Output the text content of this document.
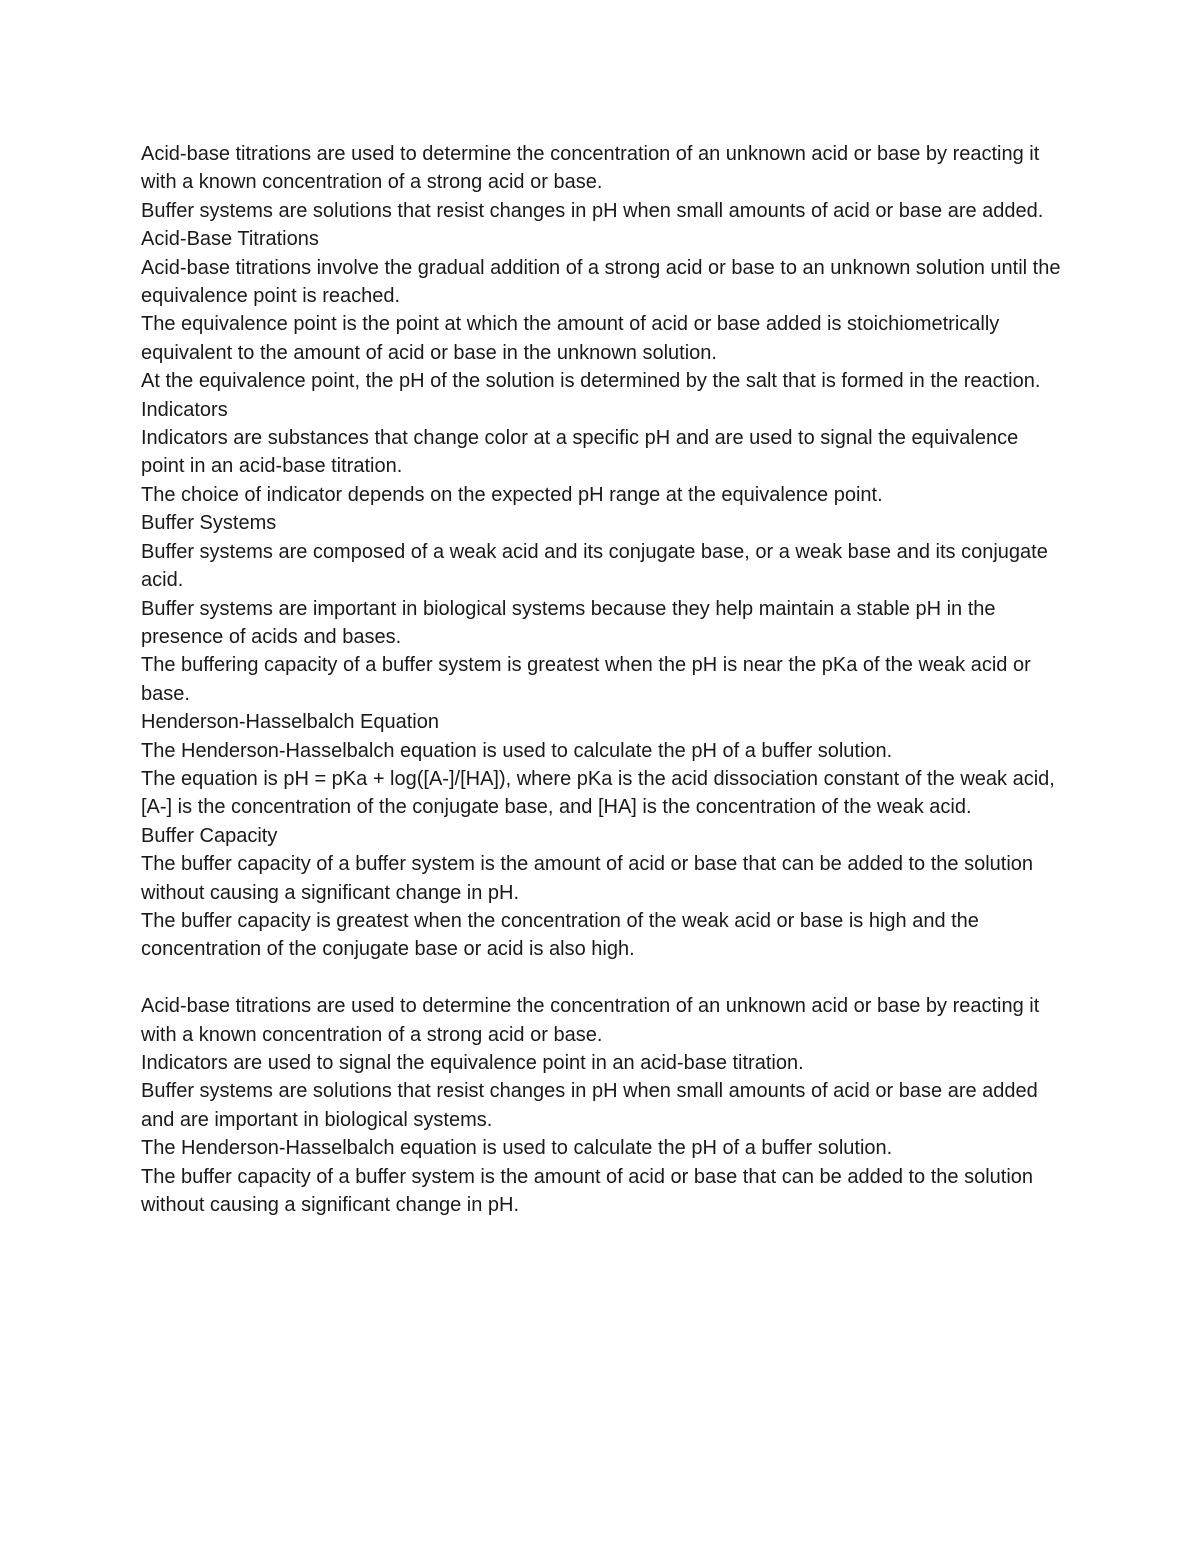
Acid-base titrations are used to determine the concentration of an unknown acid or base by reacting it with a known concentration of a strong acid or base.

Buffer systems are solutions that resist changes in pH when small amounts of acid or base are added.

Acid-Base Titrations

Acid-base titrations involve the gradual addition of a strong acid or base to an unknown solution until the equivalence point is reached.

The equivalence point is the point at which the amount of acid or base added is stoichiometrically equivalent to the amount of acid or base in the unknown solution.

At the equivalence point, the pH of the solution is determined by the salt that is formed in the reaction.

Indicators

Indicators are substances that change color at a specific pH and are used to signal the equivalence point in an acid-base titration.

The choice of indicator depends on the expected pH range at the equivalence point.

Buffer Systems

Buffer systems are composed of a weak acid and its conjugate base, or a weak base and its conjugate acid.

Buffer systems are important in biological systems because they help maintain a stable pH in the presence of acids and bases.

The buffering capacity of a buffer system is greatest when the pH is near the pKa of the weak acid or base.

Henderson-Hasselbalch Equation

The Henderson-Hasselbalch equation is used to calculate the pH of a buffer solution.

The equation is pH = pKa + log([A-]/[HA]), where pKa is the acid dissociation constant of the weak acid, [A-] is the concentration of the conjugate base, and [HA] is the concentration of the weak acid.

Buffer Capacity

The buffer capacity of a buffer system is the amount of acid or base that can be added to the solution without causing a significant change in pH.

The buffer capacity is greatest when the concentration of the weak acid or base is high and the concentration of the conjugate base or acid is also high.

Acid-base titrations are used to determine the concentration of an unknown acid or base by reacting it with a known concentration of a strong acid or base.

Indicators are used to signal the equivalence point in an acid-base titration.

Buffer systems are solutions that resist changes in pH when small amounts of acid or base are added and are important in biological systems.

The Henderson-Hasselbalch equation is used to calculate the pH of a buffer solution.

The buffer capacity of a buffer system is the amount of acid or base that can be added to the solution without causing a significant change in pH.
